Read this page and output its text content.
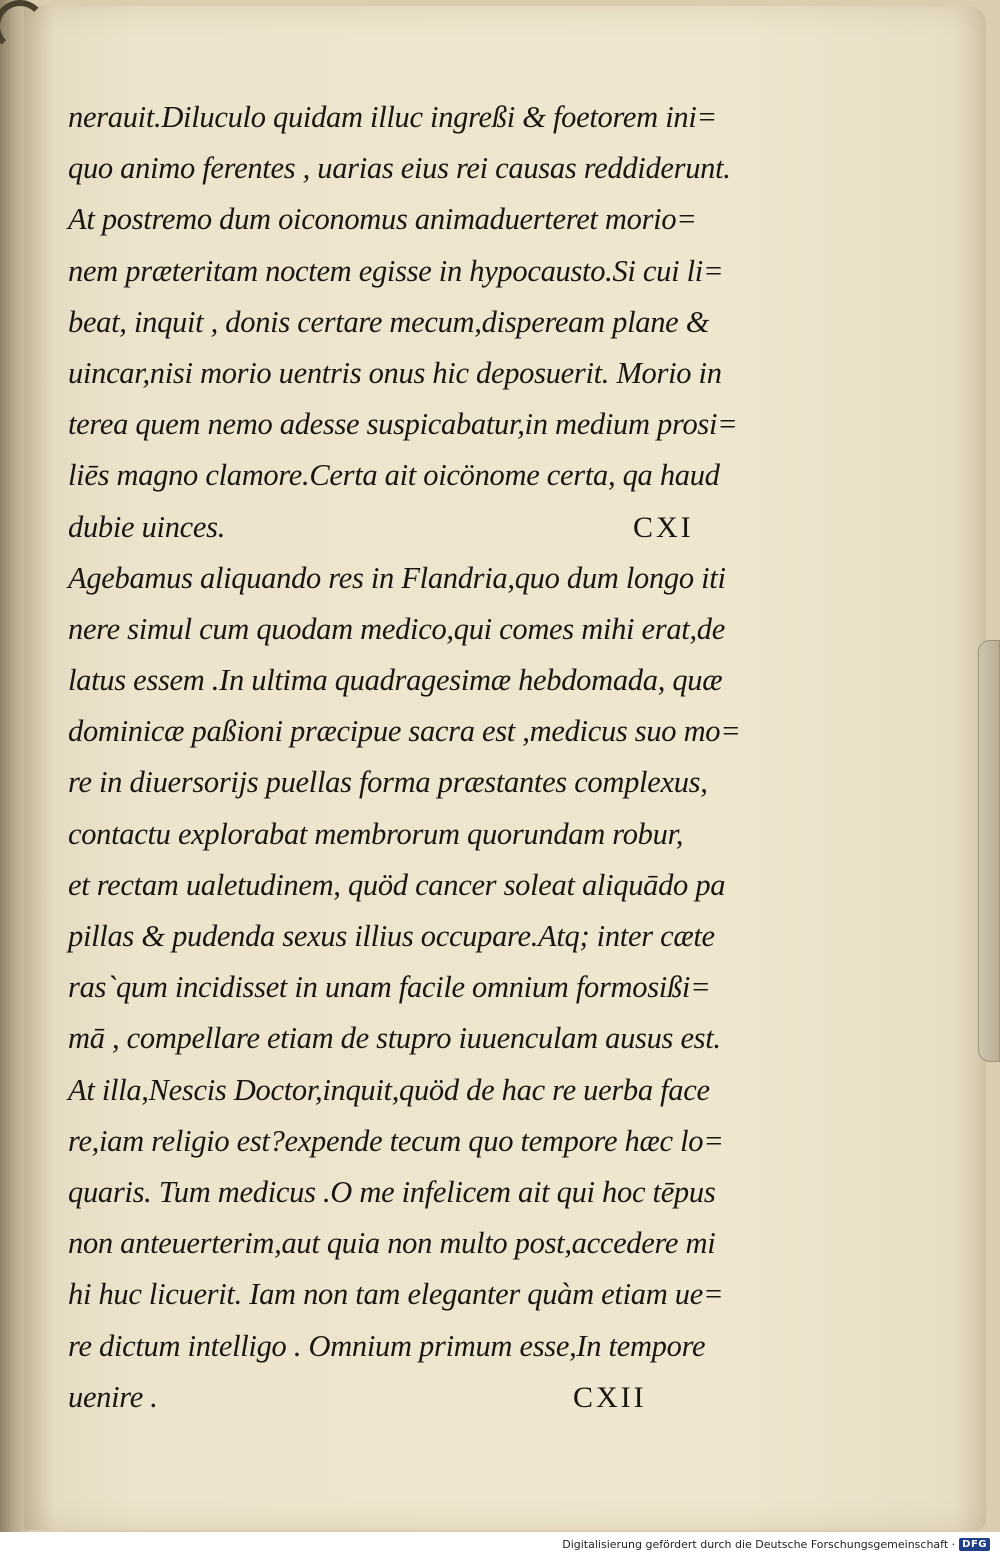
nerauit.Diluculo quidam illuc ingreßi & foetorem ini=
quo animo ferentes , uarias eius rei causas reddiderunt.
At postremo dum oiconomus animaduerteret morio=
nem præteritam noctem egisse in hypocausto.Si cui li=
beat, inquit , donis certare mecum,dispeream plane &
uincar,nisi morio uentris onus hic deposuerit. Morio in
terea quem nemo adesse suspicabatur,in medium prosi=
liēs magno clamore.Certa ait oicönome certa, qa haud
dubie uinces.	CXI
Agebamus aliquando res in Flandria,quo dum longo iti
nere simul cum quodam medico,qui comes mihi erat,de
latus essem .In ultima quadragesimæ hebdomada, quæ
dominicæ paßioni præcipue sacra est ,medicus suo mo=
re in diuersorijs puellas forma præstantes complexus,
contactu explorabat membrorum quorundam robur,
et rectam ualetudinem, quöd cancer soleat aliquādo pa
pillas & pudenda sexus illius occupare.Atq; inter cæte
ras`qum incidisset in unam facile omnium formosißi=
mā , compellare etiam de stupro iuuenculam ausus est.
At illa,Nescis Doctor,inquit,quöd de hac re uerba face
re,iam religio est?expende tecum quo tempore hæc lo=
quaris. Tum medicus .O me infelicem ait qui hoc tēpus
non anteuerterim,aut quia non multo post,accedere mi
hi huc licuerit. Iam non tam eleganter quàm etiam ue=
re dictum intelligo . Omnium primum esse,In tempore
uenire .	CXII
Digitalisierung gefördert durch die Deutsche Forschungsgemeinschaft · DFG
